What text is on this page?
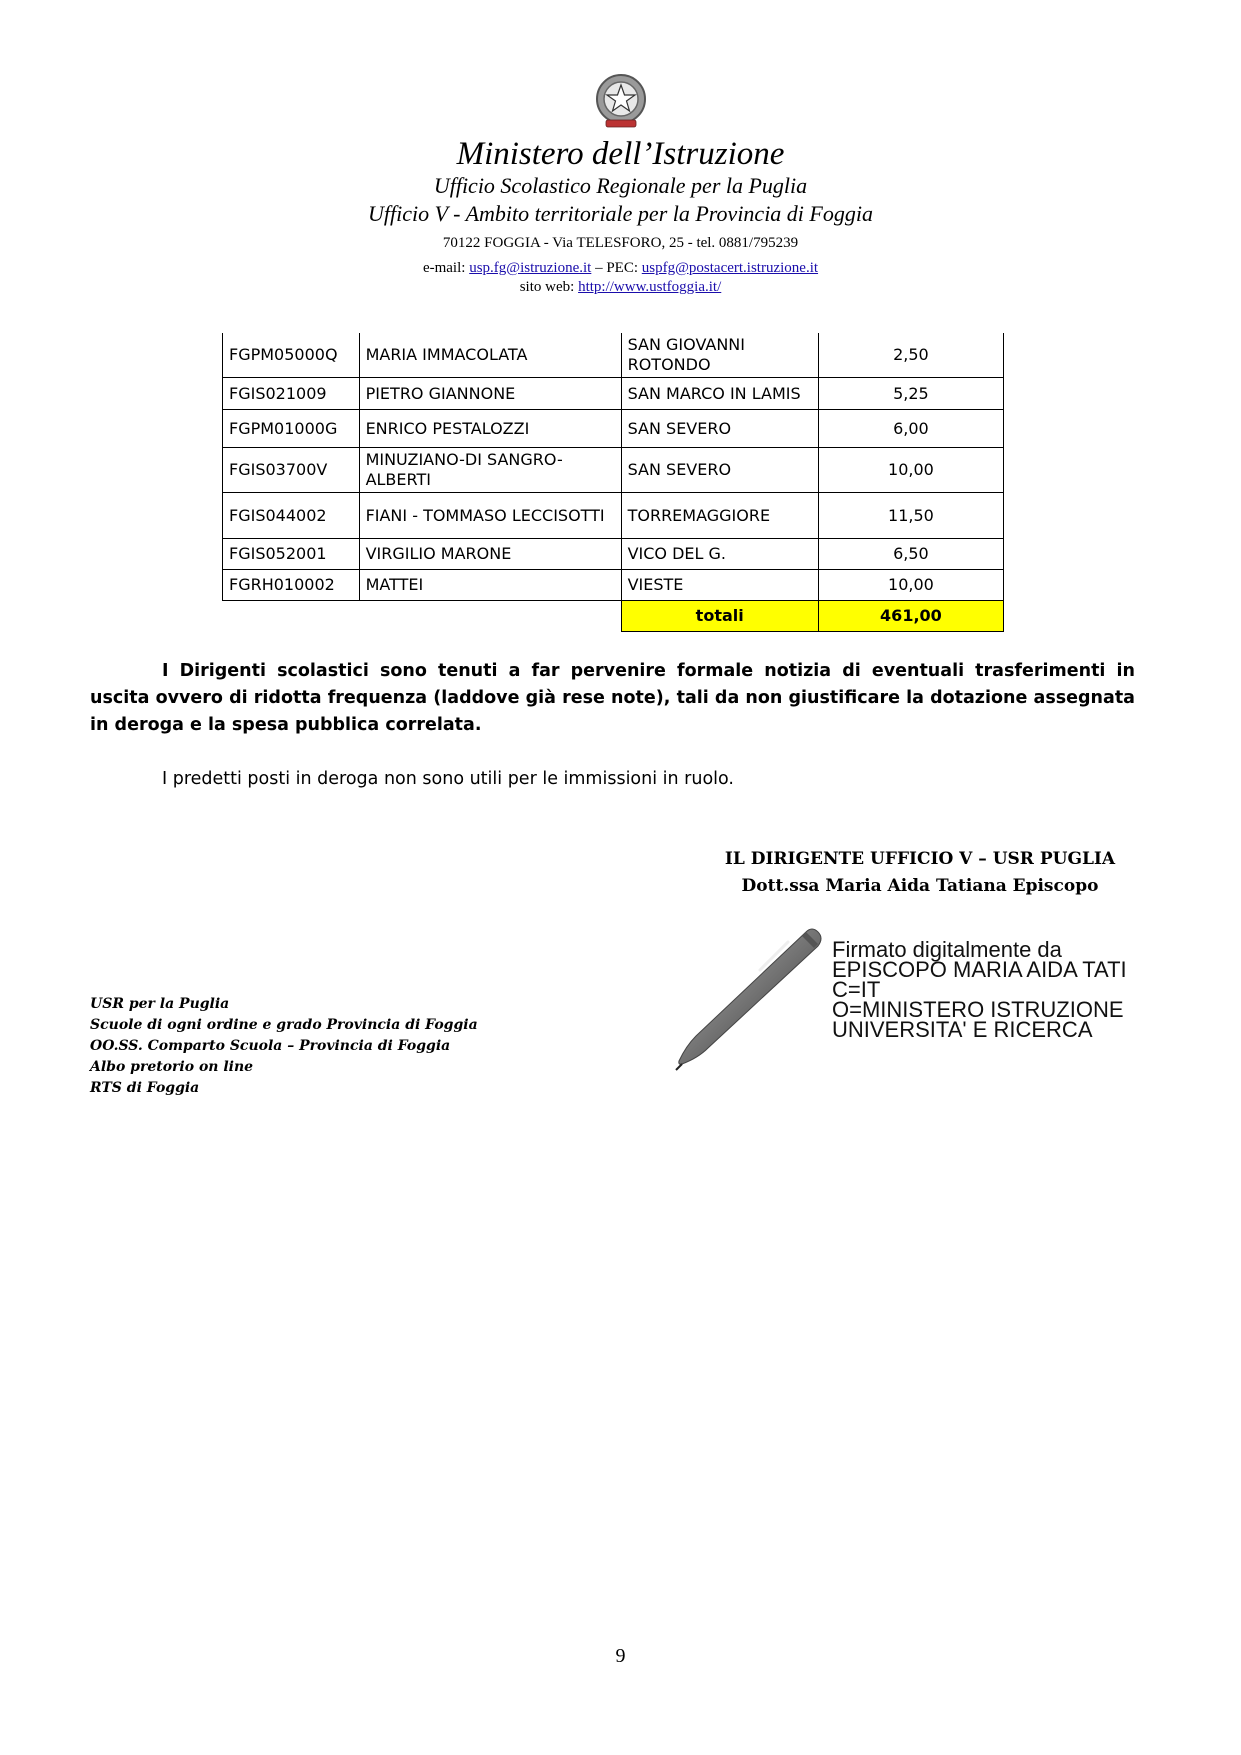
Ministero dell’Istruzione
Ufficio Scolastico Regionale per la Puglia
Ufficio V - Ambito territoriale per la Provincia di Foggia
70122 FOGGIA - Via TELESFORO, 25 - tel. 0881/795239
e-mail: usp.fg@istruzione.it – PEC: uspfg@postacert.istruzione.it
sito web: http://www.ustfoggia.it/
FGPM05000Q	MARIA IMMACOLATA	SAN GIOVANNI ROTONDO	2,50
FGIS021009	PIETRO GIANNONE	SAN MARCO IN LAMIS	5,25
FGPM01000G	ENRICO PESTALOZZI	SAN SEVERO	6,00
FGIS03700V	MINUZIANO-DI SANGRO-ALBERTI	SAN SEVERO	10,00
FGIS044002	FIANI - TOMMASO LECCISOTTI	TORREMAGGIORE	11,50
FGIS052001	VIRGILIO MARONE	VICO DEL G.	6,50
FGRH010002	MATTEI	VIESTE	10,00
		totali	461,00
I Dirigenti scolastici sono tenuti a far pervenire formale notizia di eventuali trasferimenti in uscita ovvero di ridotta frequenza (laddove già rese note), tali da non giustificare la dotazione assegnata in deroga e la spesa pubblica correlata.
I predetti posti in deroga non sono utili per le immissioni in ruolo.
IL DIRIGENTE UFFICIO V – USR PUGLIA
Dott.ssa Maria Aida Tatiana Episcopo
Firmato digitalmente da
EPISCOPO MARIA AIDA TATI
C=IT
O=MINISTERO ISTRUZIONE
UNIVERSITA' E RICERCA
USR per la Puglia
Scuole di ogni ordine e grado Provincia di Foggia
OO.SS. Comparto Scuola – Provincia di Foggia
Albo pretorio on line
RTS di Foggia
9
